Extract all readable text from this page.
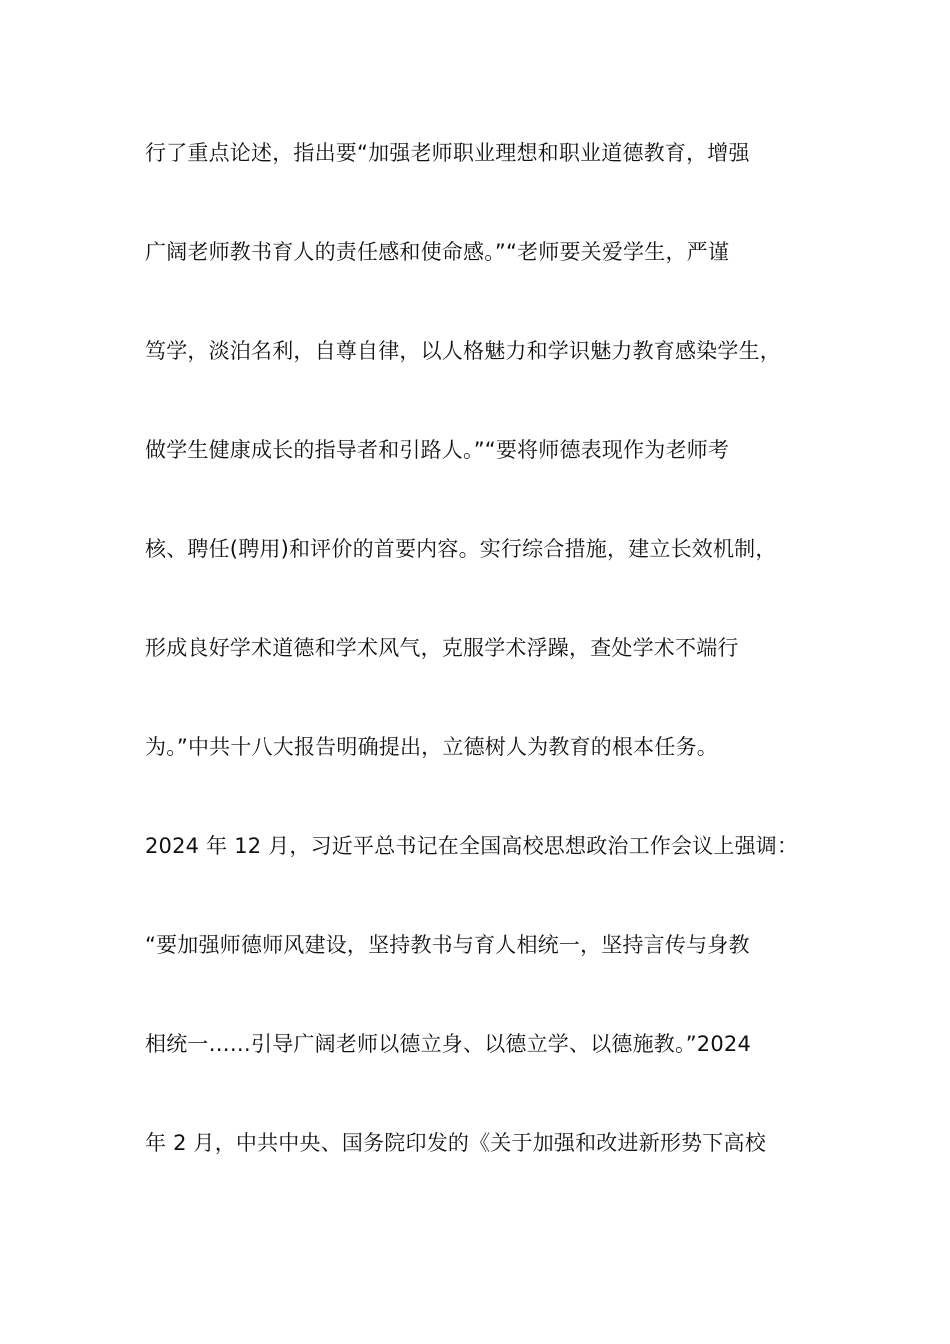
行了重点论述，指出要“加强老师职业理想和职业道德教育，增强
广阔老师教书育人的责任感和使命感。”“老师要关爱学生，严谨
笃学，淡泊名利，自尊自律，以人格魅力和学识魅力教育感染学生，
做学生健康成长的指导者和引路人。”“要将师德表现作为老师考
核、聘任(聘用)和评价的首要内容。实行综合措施，建立长效机制，
形成良好学术道德和学术风气，克服学术浮躁，查处学术不端行
为。”中共十八大报告明确提出，立德树人为教育的根本任务。
2024 年 12 月，习近平总书记在全国高校思想政治工作会议上强调：
“要加强师德师风建设，坚持教书与育人相统一，坚持言传与身教
相统一……引导广阔老师以德立身、以德立学、以德施教。”2024
年 2 月，中共中央、国务院印发的《关于加强和改进新形势下高校
